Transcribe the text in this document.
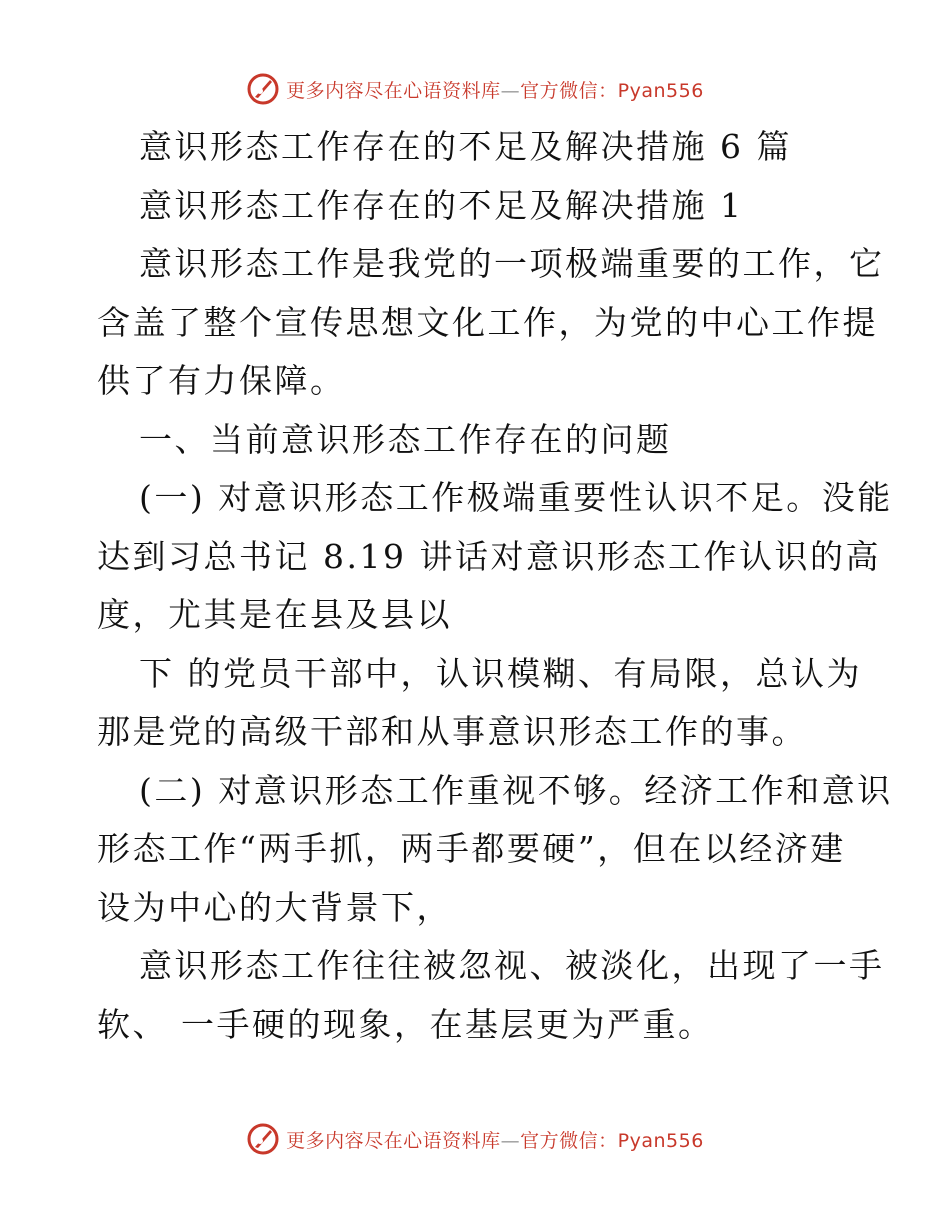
更多内容尽在心语资料库—官方微信：Pyan556
意识形态工作存在的不足及解决措施 6 篇
意识形态工作存在的不足及解决措施 1
意识形态工作是我党的一项极端重要的工作，它
含盖了整个宣传思想文化工作，为党的中心工作提
供了有力保障。
一、当前意识形态工作存在的问题
(一) 对意识形态工作极端重要性认识不足。没能
达到习总书记 8.19 讲话对意识形态工作认识的高
度，尤其是在县及县以
下 的党员干部中，认识模糊、有局限，总认为
那是党的高级干部和从事意识形态工作的事。
(二) 对意识形态工作重视不够。经济工作和意识
形态工作“两手抓，两手都要硬”，但在以经济建
设为中心的大背景下，
意识形态工作往往被忽视、被淡化，出现了一手
软、 一手硬的现象，在基层更为严重。
更多内容尽在心语资料库—官方微信：Pyan556
